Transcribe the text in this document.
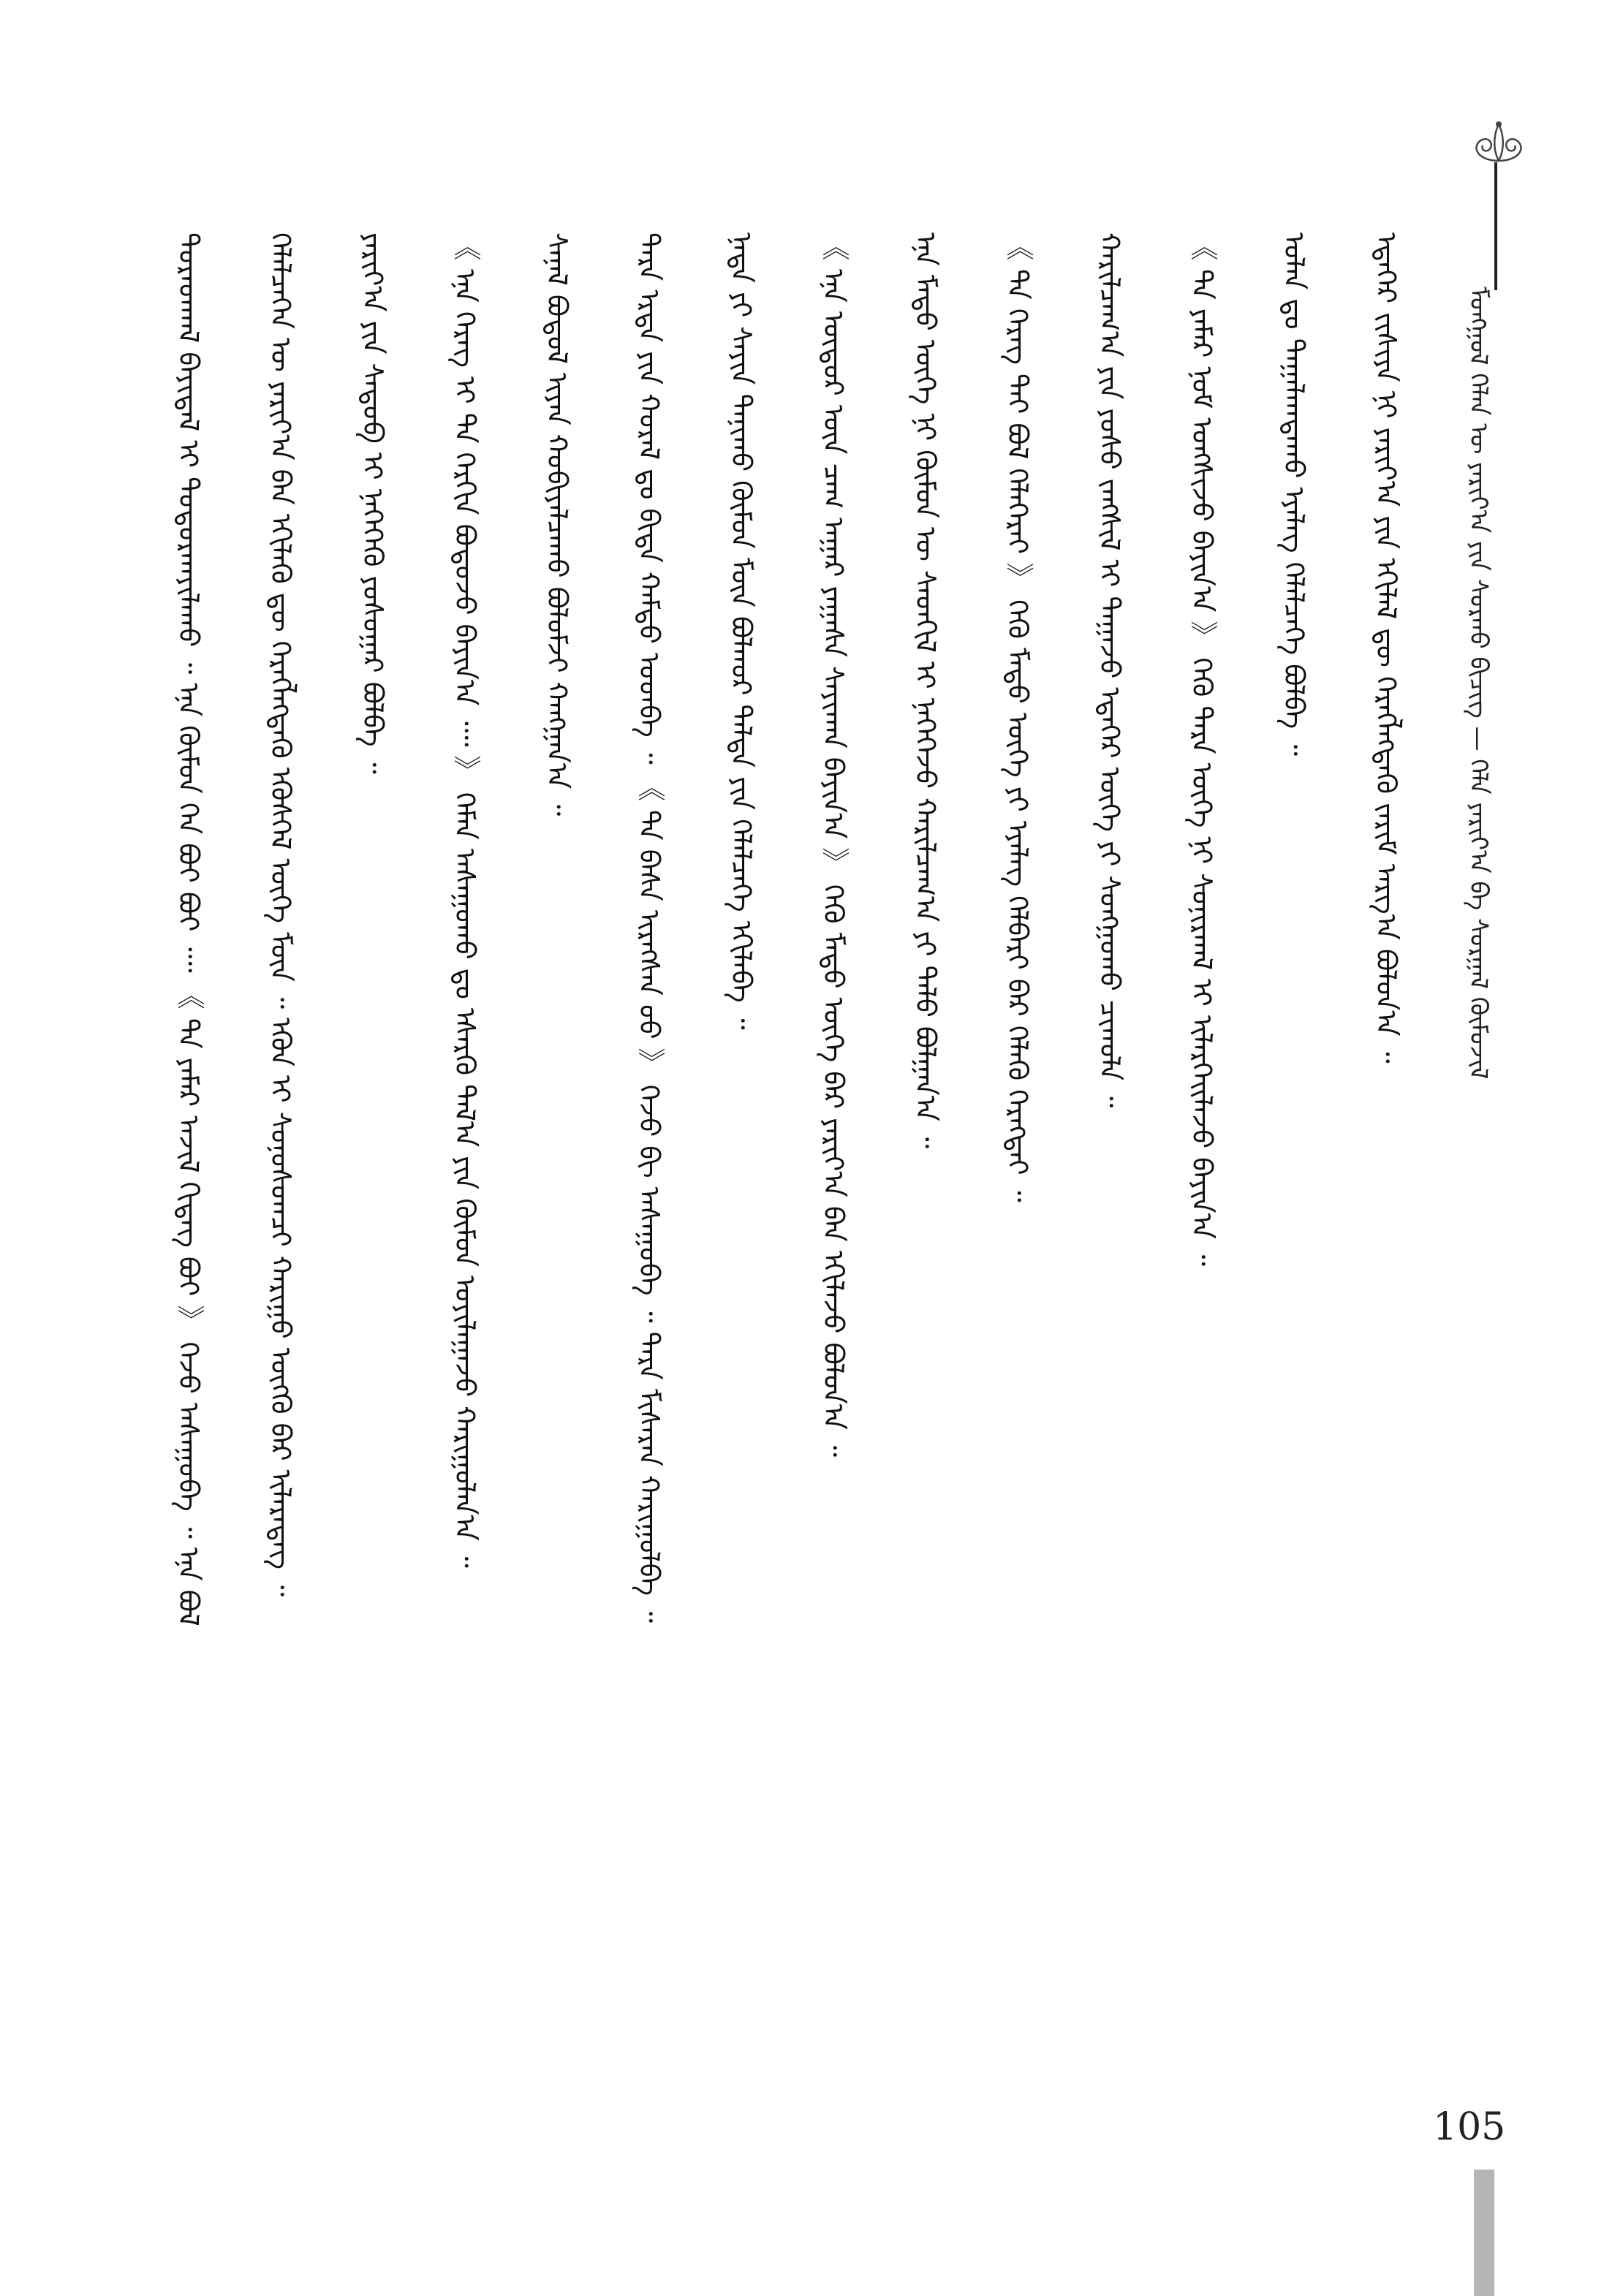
ᠮᠣᠩᠭᠣᠯ ᠬᠡᠯᠡᠨ ᠦ ᠶᠠᠷᠢᠶ᠎ᠠ ᠶᠢᠨ ᠰᠤᠷᠬᠤ ᠪᠢᠴᠢᠭ — ᠬᠡᠯᠡ ᠶᠠᠷᠢᠶ᠎ᠠ ᠪᠠ ᠰᠤᠷᠭᠠᠯ ᠬᠦᠮᠦᠵᠢᠯ
ᠳᠤᠷᠠᠳᠬᠠᠯ ᠪᠠᠶᠢᠳᠠᠯ ᠢ ᠲᠣᠳᠣᠷᠬᠠᠶᠢᠯᠠᠬᠤ ᠃ ᠡᠨᠡ ᠬᠦᠮᠦᠨ ᠬᠡᠨ ᠪᠤᠢ ᠪᠤᠢ ᠁ 《 ᠲᠠ ᠶᠠᠮᠠᠷ ᠠᠵᠢᠯ ᠬᠢᠳᠡᠭ ᠪᠤᠢ 》 ᠭᠡᠵᠦ ᠠᠰᠠᠭᠤᠪᠠ ᠃ ᠡᠨᠡ ᠪᠣᠯ ᠬᠡᠯᠡᠯᠴᠡᠭᠡᠨ ᠦ ᠶᠠᠷᠢᠶ᠎ᠠ ᠪᠠᠨ ᠡᠬᠢᠯᠡᠬᠦ ᠳᠦ ᠬᠡᠷᠡᠭᠯᠡᠭᠳᠡᠬᠦ ᠡᠭᠦᠰᠬᠡᠯ ᠦᠭᠡ ᠮᠥᠨ ᠃ ᠡᠭᠦᠨ ᠢ ᠰᠣᠨᠣᠰᠣᠭᠴᠢ ᠬᠠᠷᠢᠭᠤ ᠥᠭᠬᠦ ᠪᠡᠷ ᠢᠯᠡᠷᠡᠳᠡᠭ ᠃ ᠶᠠᠷᠢᠶ᠎ᠠ ᠶᠢᠨ ᠰᠡᠳᠦᠪ ᠢ ᠨᠡᠭᠡᠭᠡᠬᠦ ᠶᠤᠰᠤᠭᠠᠷ ᠪᠣᠯᠪᠠ ᠃ 《 ᠡᠨᠡ ᠬᠡᠷᠡᠭ ᠢ ᠲᠠ ᠬᠡᠷᠬᠢᠨ ᠪᠣᠳᠣᠵᠤ ᠪᠠᠶᠢᠨ᠎ᠠ ᠁ 》 ᠬᠡᠮᠡᠨ ᠠᠰᠠᠭᠤᠬᠤ ᠳᠤ ᠡᠰᠡᠷᠭᠦ ᠲᠠᠯ᠎ᠠ ᠶᠢᠨ ᠬᠦᠮᠦᠨ ᠣᠶᠢᠯᠠᠭᠠᠵᠤ ᠬᠠᠷᠢᠭᠤᠯᠠᠨ᠎ᠠ ᠃ ᠰᠠᠨᠠᠯ ᠪᠣᠳᠤᠯ ᠢᠶᠡᠨ ᠬᠤᠪᠢᠶᠠᠯᠴᠠᠬᠤ ᠪᠣᠯᠣᠮᠵᠢ ᠬᠠᠩᠭᠠᠨ᠎ᠠ ᠃ ᠲᠡᠷᠡ ᠡᠷᠲᠡ ᠶᠢᠨ ᠬᠤᠷᠠᠯ ᠳᠤ ᠪᠢᠳᠡ ᠬᠠᠮᠲᠤ ᠣᠳᠪᠠ ᠃ 《 ᠲᠠ ᠪᠠᠰᠠ ᠢᠷᠡᠭᠰᠡᠨ ᠦᠦ 》 ᠭᠡᠵᠦ ᠪᠢ ᠠᠰᠠᠭᠤᠪᠠ ᠃ ᠲᠡᠷᠡ ᠮᠢᠰᠡᠷᠡᠨ ᠬᠠᠷᠢᠭᠤᠯᠪᠠ ᠃ ᠨᠠᠳᠠ ᠶᠢ ᠰᠠᠶᠢᠨ ᠲᠠᠨᠢᠬᠤ ᠬᠦᠮᠦᠨ ᠮᠥᠨ ᠪᠣᠯᠬᠣᠷ ᠳᠠᠯᠳᠠ ᠶᠢᠨ ᠬᠡᠯᠡᠯᠴᠡᠭᠡ ᠡᠬᠢᠯᠡᠪᠡ ᠃ 《 ᠡᠨᠡ ᠦᠳᠦᠷ ᠦᠨ ᠴᠠᠭ ᠠᠭᠠᠷ ᠶᠠᠭᠠᠰᠠ ᠰᠠᠶᠢᠬᠠᠨ ᠪᠠᠶᠢᠨ᠎ᠠ 》 ᠭᠡᠬᠦ ᠮᠡᠳᠦ ᠦᠭᠡ ᠪᠡᠷ ᠶᠠᠷᠢᠶ᠎ᠠ ᠪᠠᠨ ᠡᠬᠢᠯᠡᠵᠦ ᠪᠣᠯᠣᠨ᠎ᠠ ᠃ ᠡᠨᠡ ᠮᠡᠲᠦ ᠦᠭᠡ ᠨᠢ ᠬᠦᠮᠦᠨ ᠦ ᠰᠡᠳᠭᠢᠯ ᠢ ᠨᠡᠭᠡᠭᠡᠵᠦ ᠬᠠᠷᠢᠯᠴᠠᠭ᠎ᠠ ᠶᠢ ᠳᠠᠯᠤ ᠪᠣᠯᠭᠠᠨ᠎ᠠ ᠃ 《 ᠲᠠ ᠬᠡᠷᠡᠭ ᠲᠡᠢ ᠪᠣᠯ ᠬᠡᠯᠡᠭᠡᠷᠡᠢ 》 ᠭᠡᠬᠦ ᠮᠡᠲᠦ ᠦᠭᠡ ᠶᠢ ᠡᠶᠡᠯᠡᠭ ᠬᠡᠯᠪᠡᠷᠢ ᠪᠡᠷ ᠬᠡᠯᠡᠬᠦ ᠬᠡᠷᠡᠭᠲᠡᠢ ᠃ ᠬᠠᠷᠢᠯᠴᠠᠭ᠎ᠠ ᠶᠢᠨ ᠶᠣᠰᠣ ᠵᠠᠩᠰᠢᠯ ᠢ ᠳᠠᠭᠠᠵᠤ ᠡᠳᠡᠭᠡᠷ ᠦᠭᠡ ᠶᠢ ᠰᠣᠩᠭᠣᠬᠤ ᠴᠢᠬᠤᠯᠠ ᠃ 《 ᠲᠠ ᠶᠠᠮᠠᠷ ᠨᠣᠮ ᠤᠩᠰᠢᠵᠤ ᠪᠠᠶᠢᠨ᠎ᠠ 》 ᠭᠡᠬᠦ ᠲᠡᠷᠡ ᠦᠭᠡ ᠨᠢ ᠰᠣᠨᠢᠷᠬᠠᠯ ᠢ ᠢᠯᠡᠷᠬᠡᠢᠯᠡᠵᠦ ᠪᠠᠶᠢᠨ᠎ᠠ ᠃ ᠣᠯᠠᠨ ᠳᠤ ᠲᠠᠭᠠᠯᠠᠭᠳᠠᠬᠤ ᠡᠶᠡᠯᠡᠭ ᠬᠡᠯᠡᠯᠴᠡᠭᠡ ᠪᠣᠯᠪᠠ ᠃ ᠡᠳᠡᠭᠡᠷ ᠵᠢᠱᠢᠶᠡ ᠨᠢ ᠶᠠᠷᠢᠶ᠎ᠠ ᠶᠢᠨ ᠡᠬᠢᠯᠡᠯ ᠳᠦ ᠬᠡᠷᠡᠭᠯᠡᠭᠳᠡᠬᠦ ᠵᠠᠷᠢᠮ ᠠᠷᠭ᠎ᠠ ᠪᠣᠯᠤᠨ᠎ᠠ ᠃
105
